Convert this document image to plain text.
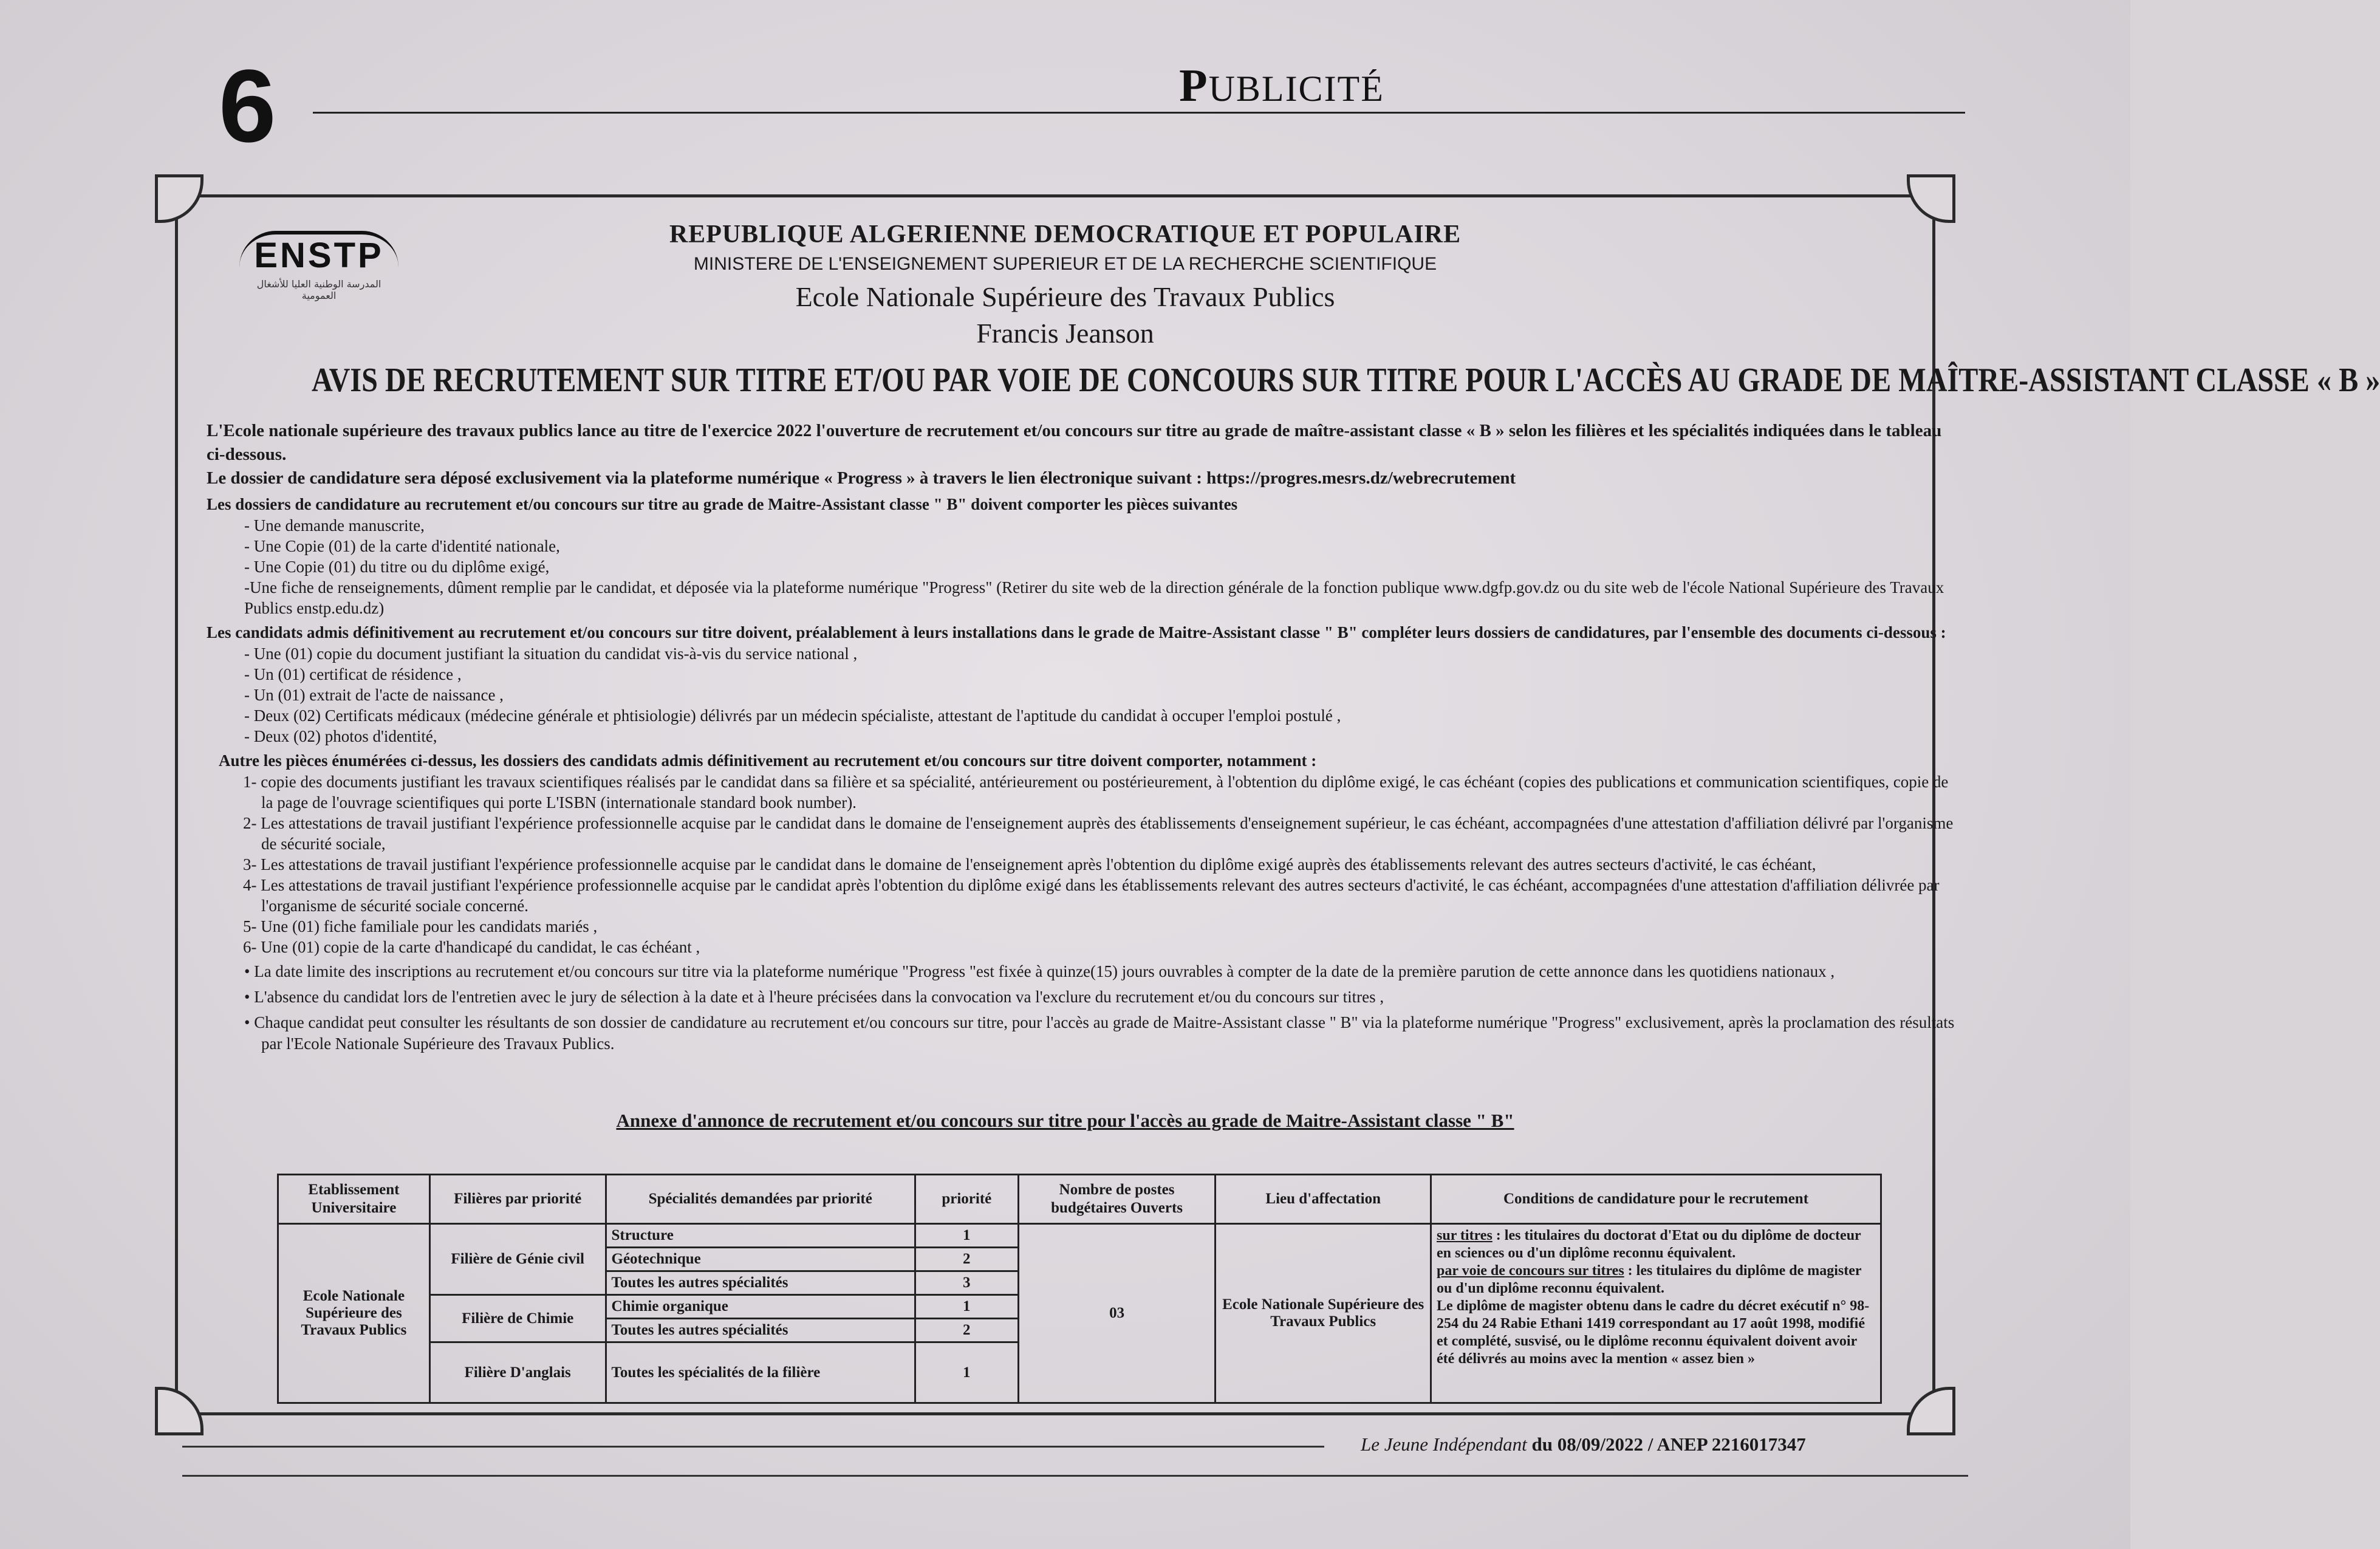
6	PUBLICITÉ
ENSTP
المدرسة الوطنية العليا للأشغال العمومية
REPUBLIQUE ALGERIENNE DEMOCRATIQUE ET POPULAIRE
MINISTERE DE L'ENSEIGNEMENT SUPERIEUR ET DE LA RECHERCHE SCIENTIFIQUE
Ecole Nationale Supérieure des Travaux Publics
Francis Jeanson
AVIS DE RECRUTEMENT SUR TITRE ET/OU PAR VOIE DE CONCOURS SUR TITRE POUR L'ACCÈS AU GRADE DE MAÎTRE-ASSISTANT CLASSE « B »
L'Ecole nationale supérieure des travaux publics lance au titre de l'exercice 2022 l'ouverture de recrutement et/ou concours sur titre au grade de maître-assistant classe « B » selon les filières et les spécialités indiquées dans le tableau ci-dessous.
Le dossier de candidature sera déposé exclusivement via la plateforme numérique « Progress » à travers le lien électronique suivant : https://progres.mesrs.dz/webrecrutement
Les dossiers de candidature au recrutement et/ou concours sur titre au grade de Maitre-Assistant classe " B" doivent comporter les pièces suivantes
- Une demande manuscrite,
- Une Copie (01) de la carte d'identité nationale,
- Une Copie (01) du titre ou du diplôme exigé,
-Une fiche de renseignements, dûment remplie par le candidat, et déposée via la plateforme numérique "Progress" (Retirer du site web de la direction générale de la fonction publique www.dgfp.gov.dz ou du site web de l'école National Supérieure des Travaux Publics enstp.edu.dz)
Les candidats admis définitivement au recrutement et/ou concours sur titre doivent, préalablement à leurs installations dans le grade de Maitre-Assistant classe " B" compléter leurs dossiers de candidatures, par l'ensemble des documents ci-dessous :
- Une (01) copie du document justifiant la situation du candidat vis-à-vis du service national ,
- Un (01) certificat de résidence ,
- Un (01) extrait de l'acte de naissance ,
- Deux (02) Certificats médicaux (médecine générale et phtisiologie) délivrés par un médecin spécialiste, attestant de l'aptitude du candidat à occuper l'emploi postulé ,
- Deux (02) photos d'identité,
Autre les pièces énumérées ci-dessus, les dossiers des candidats admis définitivement au recrutement et/ou concours sur titre doivent comporter, notamment :
1- copie des documents justifiant les travaux scientifiques réalisés par le candidat dans sa filière et sa spécialité, antérieurement ou postérieurement, à l'obtention du diplôme exigé, le cas échéant (copies des publications et communication scientifiques, copie de la page de l'ouvrage scientifiques qui porte L'ISBN (internationale standard book number).
2- Les attestations de travail justifiant l'expérience professionnelle acquise par le candidat dans le domaine de l'enseignement auprès des établissements d'enseignement supérieur, le cas échéant, accompagnées d'une attestation d'affiliation délivré par l'organisme de sécurité sociale,
3- Les attestations de travail justifiant l'expérience professionnelle acquise par le candidat dans le domaine de l'enseignement après l'obtention du diplôme exigé auprès des établissements relevant des autres secteurs d'activité, le cas échéant,
4- Les attestations de travail justifiant l'expérience professionnelle acquise par le candidat après l'obtention du diplôme exigé dans les établissements relevant des autres secteurs d'activité, le cas échéant, accompagnées d'une attestation d'affiliation délivrée par l'organisme de sécurité sociale concerné.
5- Une (01) fiche familiale pour les candidats mariés ,
6- Une (01) copie de la carte d'handicapé du candidat, le cas échéant ,
• La date limite des inscriptions au recrutement et/ou concours sur titre via la plateforme numérique "Progress "est fixée à quinze(15) jours ouvrables à compter de la date de la première parution de cette annonce dans les quotidiens nationaux ,
• L'absence du candidat lors de l'entretien avec le jury de sélection à la date et à l'heure précisées dans la convocation va l'exclure du recrutement et/ou du concours sur titres ,
• Chaque candidat peut consulter les résultants de son dossier de candidature au recrutement et/ou concours sur titre, pour l'accès au grade de Maitre-Assistant classe " B" via la plateforme numérique "Progress" exclusivement, après la proclamation des résultats par l'Ecole Nationale Supérieure des Travaux Publics.
Annexe d'annonce de recrutement et/ou concours sur titre pour l'accès au grade de Maitre-Assistant classe " B"
Etablissement Universitaire	Filières par priorité	Spécialités demandées par priorité	priorité	Nombre de postes budgétaires Ouverts	Lieu d'affectation	Conditions de candidature pour le recrutement
Ecole Nationale Supérieure des Travaux Publics	Filière de Génie civil	Structure	1	03	Ecole Nationale Supérieure des Travaux Publics	sur titres : les titulaires du doctorat d'Etat ou du diplôme de docteur en sciences ou d'un diplôme reconnu équivalent.
par voie de concours sur titres : les titulaires du diplôme de magister ou d'un diplôme reconnu équivalent.
Le diplôme de magister obtenu dans le cadre du décret exécutif n° 98-254 du 24 Rabie Ethani 1419 correspondant au 17 août 1998, modifié et complété, susvisé, ou le diplôme reconnu équivalent doivent avoir été délivrés au moins avec la mention « assez bien »
		Géotechnique	2			
		Toutes les autres spécialités	3			
	Filière de Chimie	Chimie organique	1			
		Toutes les autres spécialités	2			
	Filière D'anglais	Toutes les spécialités de la filière	1			
Le Jeune Indépendant du 08/09/2022 / ANEP 2216017347
